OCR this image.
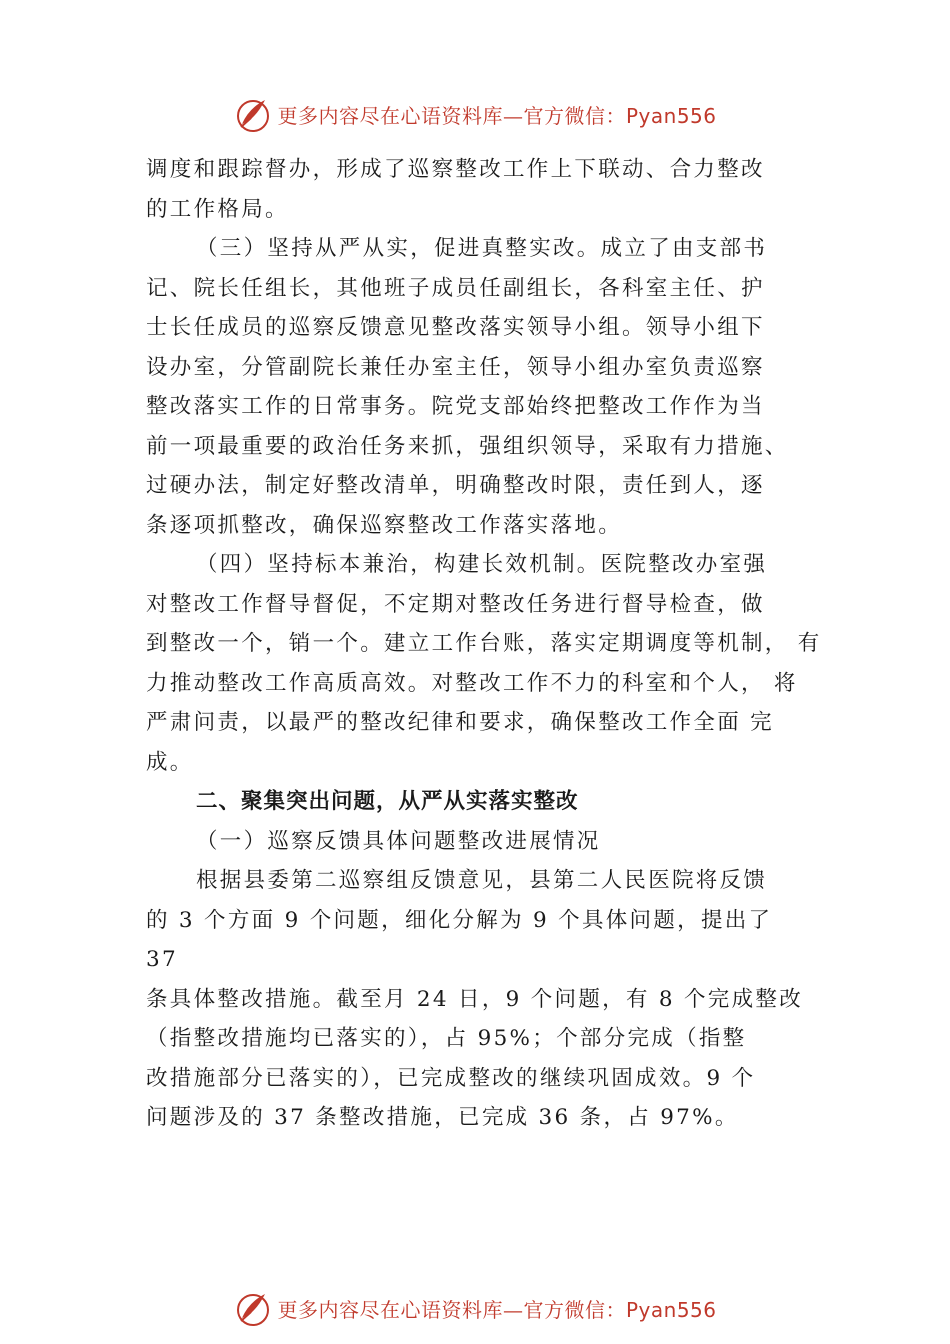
更多内容尽在心语资料库—官方微信：Pyan556
调度和跟踪督办，形成了巡察整改工作上下联动、合力整改
的工作格局。
（三）坚持从严从实，促进真整实改。成立了由支部书
记、院长任组长，其他班子成员任副组长，各科室主任、护
士长任成员的巡察反馈意见整改落实领导小组。领导小组下
设办室，分管副院长兼任办室主任，领导小组办室负责巡察
整改落实工作的日常事务。院党支部始终把整改工作作为当
前一项最重要的政治任务来抓，强组织领导，采取有力措施、
过硬办法，制定好整改清单，明确整改时限，责任到人，逐
条逐项抓整改，确保巡察整改工作落实落地。
（四）坚持标本兼治，构建长效机制。医院整改办室强
对整改工作督导督促，不定期对整改任务进行督导检查，做
到整改一个，销一个。建立工作台账，落实定期调度等机制， 有
力推动整改工作高质高效。对整改工作不力的科室和个人， 将
严肃问责，以最严的整改纪律和要求，确保整改工作全面 完
成。
二、聚集突出问题，从严从实落实整改
（一）巡察反馈具体问题整改进展情况
根据县委第二巡察组反馈意见，县第二人民医院将反馈
的 3 个方面 9 个问题，细化分解为 9 个具体问题，提出了
37
条具体整改措施。截至月 24 日，9 个问题，有 8 个完成整改
（指整改措施均已落实的），占 95%；个部分完成（指整
改措施部分已落实的），已完成整改的继续巩固成效。9 个
问题涉及的 37 条整改措施，已完成 36 条，占 97%。
更多内容尽在心语资料库—官方微信：Pyan556
